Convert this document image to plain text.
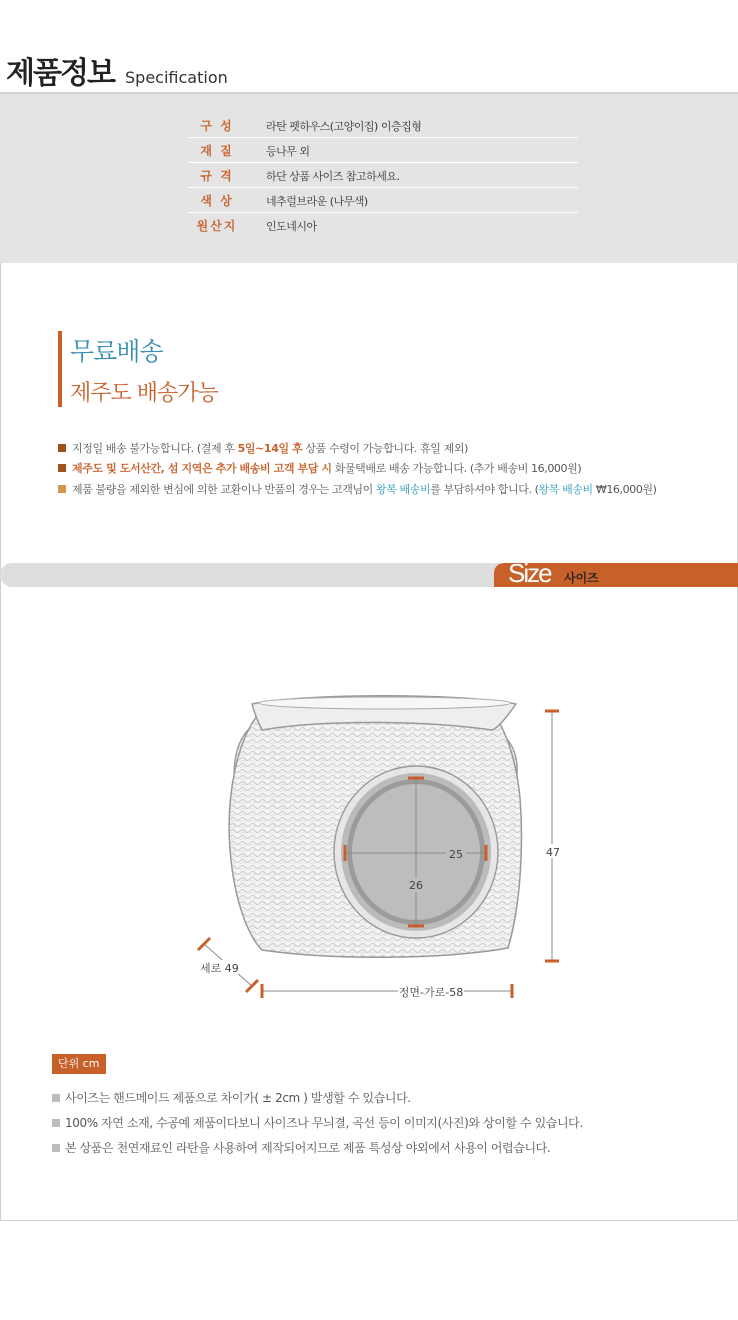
제품정보 Specification
구 성	라탄 펫하우스(고양이집) 이층집형
재 질	등나무 외
규 격	하단 상품 사이즈 참고하세요.
색 상	네추럴브라운 (나무색)
원산지	인도네시아
무료배송
제주도 배송가능
지정일 배송 불가능합니다. (결제 후 5일~14일 후 상품 수령이 가능합니다. 휴일 제외)
제주도 및 도서산간, 섬 지역은 추가 배송비 고객 부담 시 화물택배로 배송 가능합니다. (추가 배송비 16,000원)
제품 불량을 제외한 변심에 의한 교환이나 반품의 경우는 고객님이 왕복 배송비를 부담하셔야 합니다. (왕복 배송비 ₩16,000원)
Size 사이즈
25
26
47
세로 49
정면-가로-58
단위 cm
사이즈는 핸드메이드 제품으로 차이가( ± 2cm ) 발생할 수 있습니다.
100% 자연 소재, 수공예 제품이다보니 사이즈나 무늬결, 곡선 등이 이미지(사진)와 상이할 수 있습니다.
본 상품은 천연재료인 라탄을 사용하여 제작되어지므로 제품 특성상 야외에서 사용이 어렵습니다.
